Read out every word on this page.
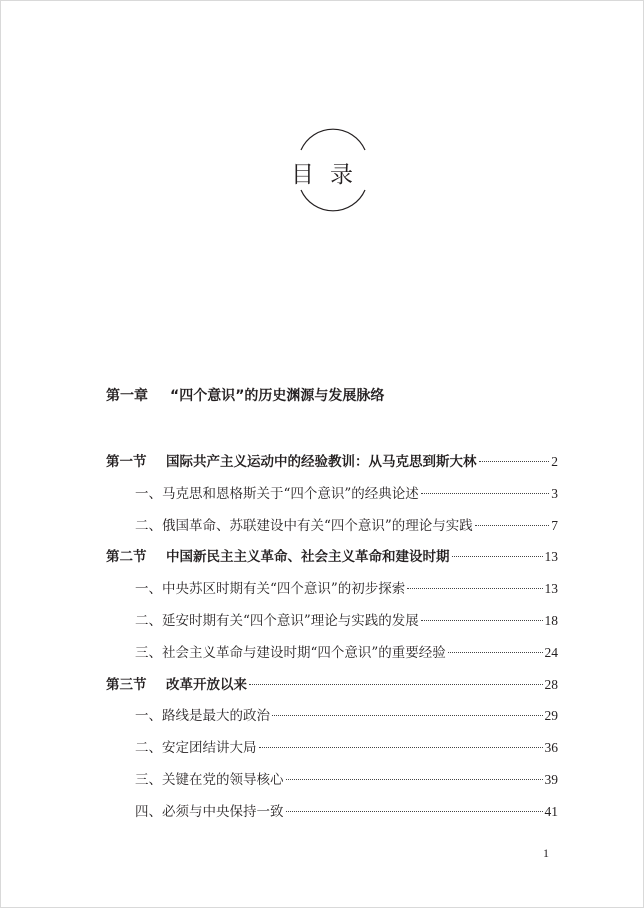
目录
第一章 “四个意识”的历史渊源与发展脉络
第一节	国际共产主义运动中的经验教训：从马克思到斯大林	2
一、马克思和恩格斯关于“四个意识”的经典论述	3
二、俄国革命、苏联建设中有关“四个意识”的理论与实践	7
第二节	中国新民主主义革命、社会主义革命和建设时期	13
一、中央苏区时期有关“四个意识”的初步探索	13
二、延安时期有关“四个意识”理论与实践的发展	18
三、社会主义革命与建设时期“四个意识”的重要经验	24
第三节	改革开放以来	28
一、路线是最大的政治	29
二、安定团结讲大局	36
三、关键在党的领导核心	39
四、必须与中央保持一致	41
1
